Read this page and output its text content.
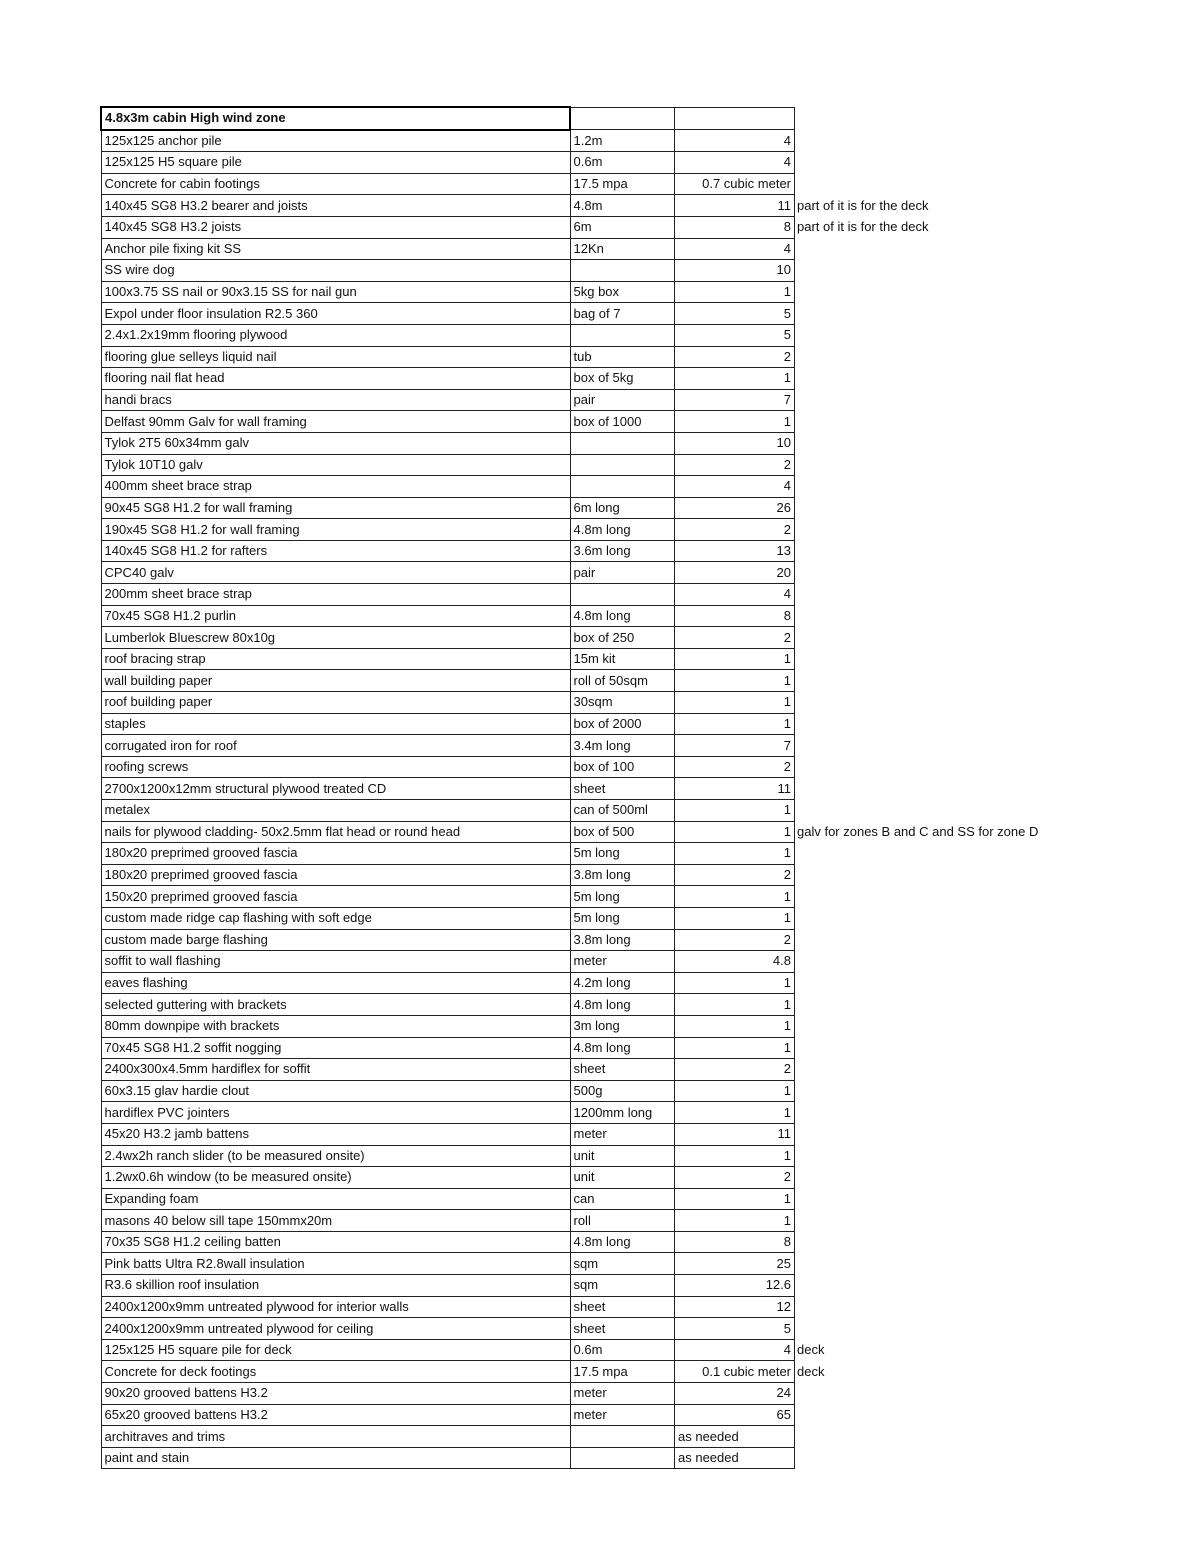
4.8x3m cabin High wind zone			
125x125 anchor pile	1.2m	4	
125x125 H5 square pile	0.6m	4	
Concrete for cabin footings	17.5 mpa	0.7 cubic meter	
140x45 SG8 H3.2 bearer and joists	4.8m	11	part of it is for the deck
140x45 SG8 H3.2 joists	6m	8	part of it is for the deck
Anchor pile fixing kit SS	12Kn	4	
SS wire dog		10	
100x3.75 SS nail or 90x3.15 SS for nail gun	5kg box	1	
Expol under floor insulation R2.5 360	bag of 7	5	
2.4x1.2x19mm flooring plywood		5	
flooring glue selleys liquid nail	tub	2	
flooring nail flat head	box of 5kg	1	
handi bracs	pair	7	
Delfast 90mm Galv for wall framing	box of 1000	1	
Tylok 2T5 60x34mm galv		10	
Tylok 10T10 galv		2	
400mm sheet brace strap		4	
90x45 SG8 H1.2 for wall framing	6m long	26	
190x45 SG8 H1.2 for wall framing	4.8m long	2	
140x45 SG8 H1.2 for rafters	3.6m long	13	
CPC40 galv	pair	20	
200mm sheet brace strap		4	
70x45 SG8 H1.2 purlin	4.8m long	8	
Lumberlok Bluescrew 80x10g	box of 250	2	
roof bracing strap	15m kit	1	
wall building paper	roll of 50sqm	1	
roof building paper	30sqm	1	
staples	box of 2000	1	
corrugated iron for roof	3.4m long	7	
roofing screws	box of 100	2	
2700x1200x12mm structural plywood treated CD	sheet	11	
metalex	can of 500ml	1	
nails for plywood cladding- 50x2.5mm flat head or round head	box of 500	1	galv for zones B and C and SS for zone D
180x20 preprimed grooved fascia	5m long	1	
180x20 preprimed grooved fascia	3.8m long	2	
150x20 preprimed grooved fascia	5m long	1	
custom made ridge cap flashing with soft edge	5m long	1	
custom made barge flashing	3.8m long	2	
soffit to wall flashing	meter	4.8	
eaves flashing	4.2m long	1	
selected guttering with brackets	4.8m long	1	
80mm downpipe with brackets	3m long	1	
70x45 SG8 H1.2 soffit nogging	4.8m long	1	
2400x300x4.5mm hardiflex for soffit	sheet	2	
60x3.15 glav hardie clout	500g	1	
hardiflex PVC jointers	1200mm long	1	
45x20 H3.2 jamb battens	meter	11	
2.4wx2h ranch slider (to be measured onsite)	unit	1	
1.2wx0.6h window (to be measured onsite)	unit	2	
Expanding foam	can	1	
masons 40 below sill tape 150mmx20m	roll	1	
70x35 SG8 H1.2 ceiling batten	4.8m long	8	
Pink batts Ultra R2.8wall insulation	sqm	25	
R3.6 skillion roof insulation	sqm	12.6	
2400x1200x9mm untreated plywood for interior walls	sheet	12	
2400x1200x9mm untreated plywood for ceiling	sheet	5	
125x125 H5 square pile for deck	0.6m	4	deck
Concrete for deck footings	17.5 mpa	0.1 cubic meter	deck
90x20 grooved battens H3.2	meter	24	
65x20 grooved battens H3.2	meter	65	
architraves and trims		as needed	
paint and stain		as needed	
